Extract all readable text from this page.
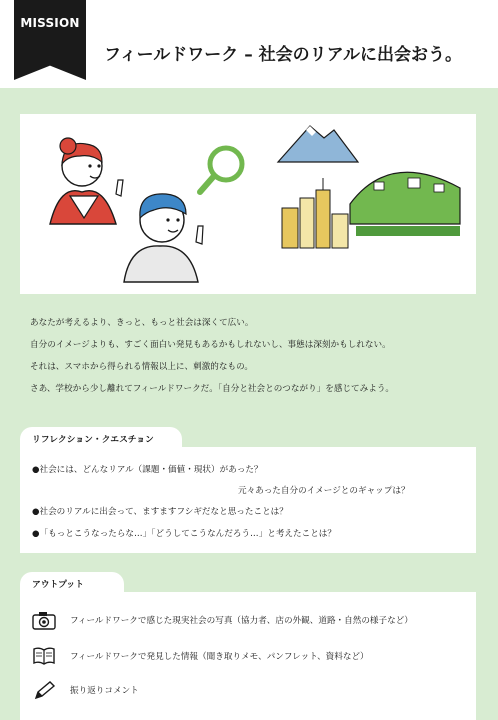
MISSION
フィールドワーク – 社会のリアルに出会おう。

あなたが考えるより、きっと、もっと社会は深くて広い。

自分のイメージよりも、すごく面白い発見もあるかもしれないし、事態は深刻かもしれない。

それは、スマホから得られる情報以上に、刺激的なもの。

さあ、学校から少し離れてフィールドワークだ。「自分と社会とのつながり」を感じてみよう。

リフレクション・クエスチョン
●社会には、どんなリアル（課題・価値・現状）があった？
元々あった自分のイメージとのギャップは？
●社会のリアルに出会って、ますますフシギだなと思ったことは？
●「もっとこうなったらな…」「どうしてこうなんだろう…」と考えたことは？
アウトプット
フィールドワークで感じた現実社会の写真（協力者、店の外観、道路・自然の様子など）
フィールドワークで発見した情報（聞き取りメモ、パンフレット、資料など）
振り返りコメント
